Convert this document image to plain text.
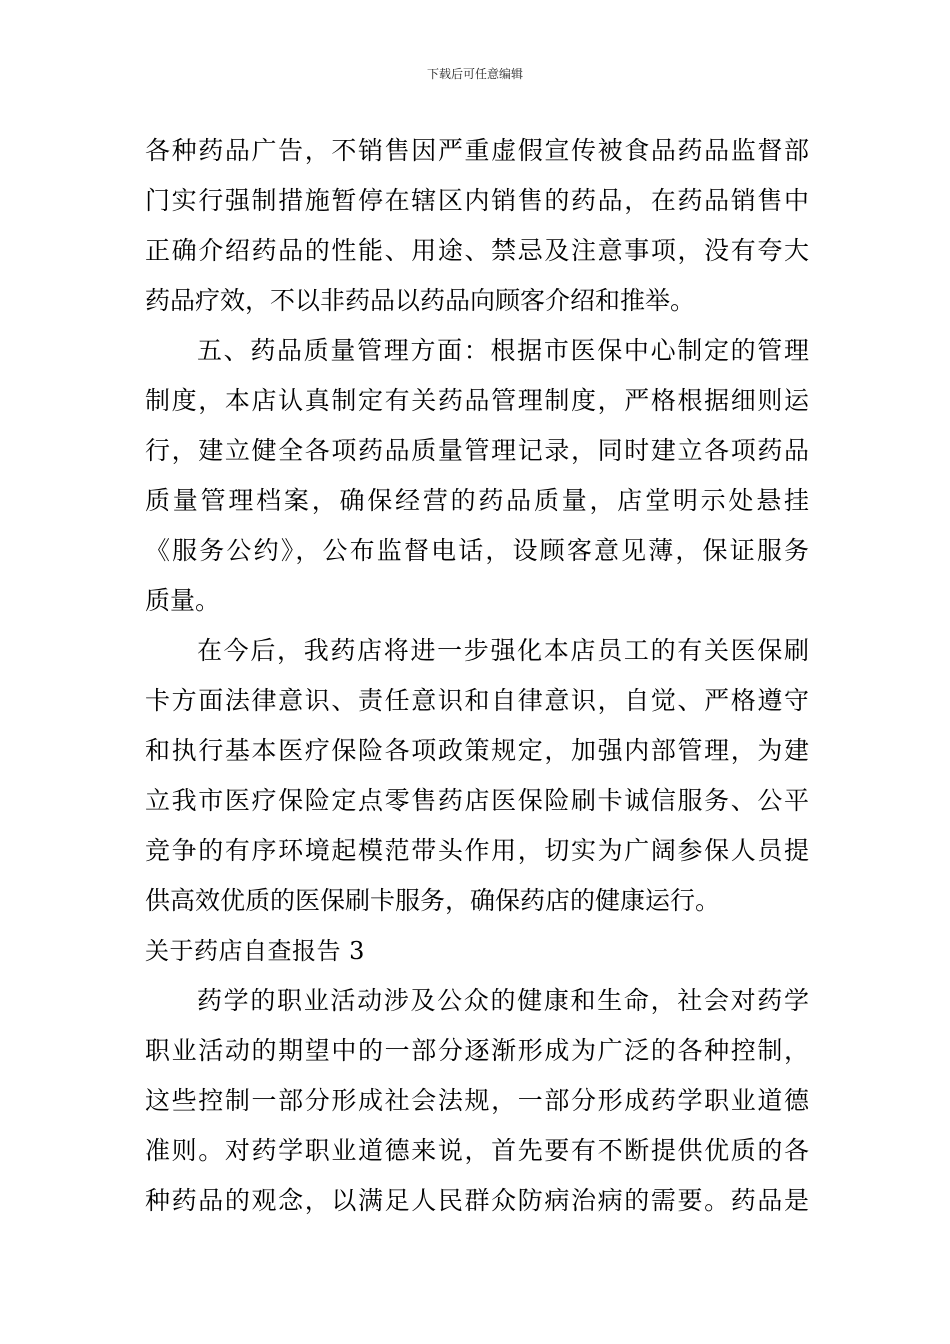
下载后可任意编辑
各种药品广告，不销售因严重虚假宣传被食品药品监督部
门实行强制措施暂停在辖区内销售的药品，在药品销售中
正确介绍药品的性能、用途、禁忌及注意事项，没有夸大
药品疗效，不以非药品以药品向顾客介绍和推举。
五、药品质量管理方面：根据市医保中心制定的管理
制度，本店认真制定有关药品管理制度，严格根据细则运
行，建立健全各项药品质量管理记录，同时建立各项药品
质量管理档案，确保经营的药品质量，店堂明示处悬挂
《服务公约》，公布监督电话，设顾客意见薄，保证服务
质量。
在今后，我药店将进一步强化本店员工的有关医保刷
卡方面法律意识、责任意识和自律意识，自觉、严格遵守
和执行基本医疗保险各项政策规定，加强内部管理，为建
立我市医疗保险定点零售药店医保险刷卡诚信服务、公平
竞争的有序环境起模范带头作用，切实为广阔参保人员提
供高效优质的医保刷卡服务，确保药店的健康运行。
关于药店自查报告 3
药学的职业活动涉及公众的健康和生命，社会对药学
职业活动的期望中的一部分逐渐形成为广泛的各种控制，
这些控制一部分形成社会法规，一部分形成药学职业道德
准则。对药学职业道德来说，首先要有不断提供优质的各
种药品的观念，以满足人民群众防病治病的需要。药品是
